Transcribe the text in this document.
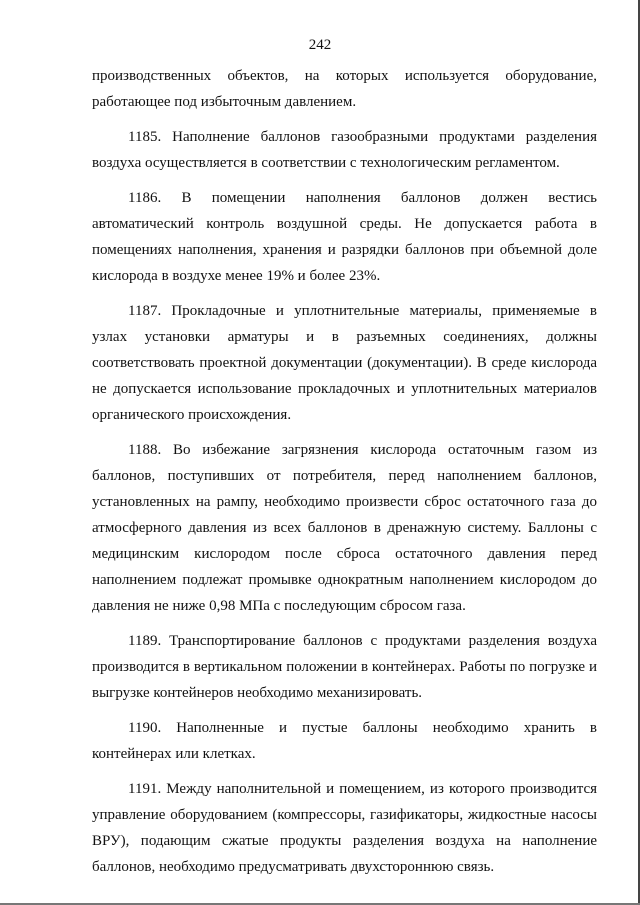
242

производственных объектов, на которых используется оборудование, работающее под избыточным давлением.

1185. Наполнение баллонов газообразными продуктами разделения воздуха осуществляется в соответствии с технологическим регламентом.

1186. В помещении наполнения баллонов должен вестись автоматический контроль воздушной среды. Не допускается работа в помещениях наполнения, хранения и разрядки баллонов при объемной доле кислорода в воздухе менее 19% и более 23%.

1187. Прокладочные и уплотнительные материалы, применяемые в узлах установки арматуры и в разъемных соединениях, должны соответствовать проектной документации (документации). В среде кислорода не допускается использование прокладочных и уплотнительных материалов органического происхождения.

1188. Во избежание загрязнения кислорода остаточным газом из баллонов, поступивших от потребителя, перед наполнением баллонов, установленных на рампу, необходимо произвести сброс остаточного газа до атмосферного давления из всех баллонов в дренажную систему. Баллоны с медицинским кислородом после сброса остаточного давления перед наполнением подлежат промывке однократным наполнением кислородом до давления не ниже 0,98 МПа с последующим сбросом газа.

1189. Транспортирование баллонов с продуктами разделения воздуха производится в вертикальном положении в контейнерах. Работы по погрузке и выгрузке контейнеров необходимо механизировать.

1190. Наполненные и пустые баллоны необходимо хранить в контейнерах или клетках.

1191. Между наполнительной и помещением, из которого производится управление оборудованием (компрессоры, газификаторы, жидкостные насосы ВРУ), подающим сжатые продукты разделения воздуха на наполнение баллонов, необходимо предусматривать двухстороннюю связь.
